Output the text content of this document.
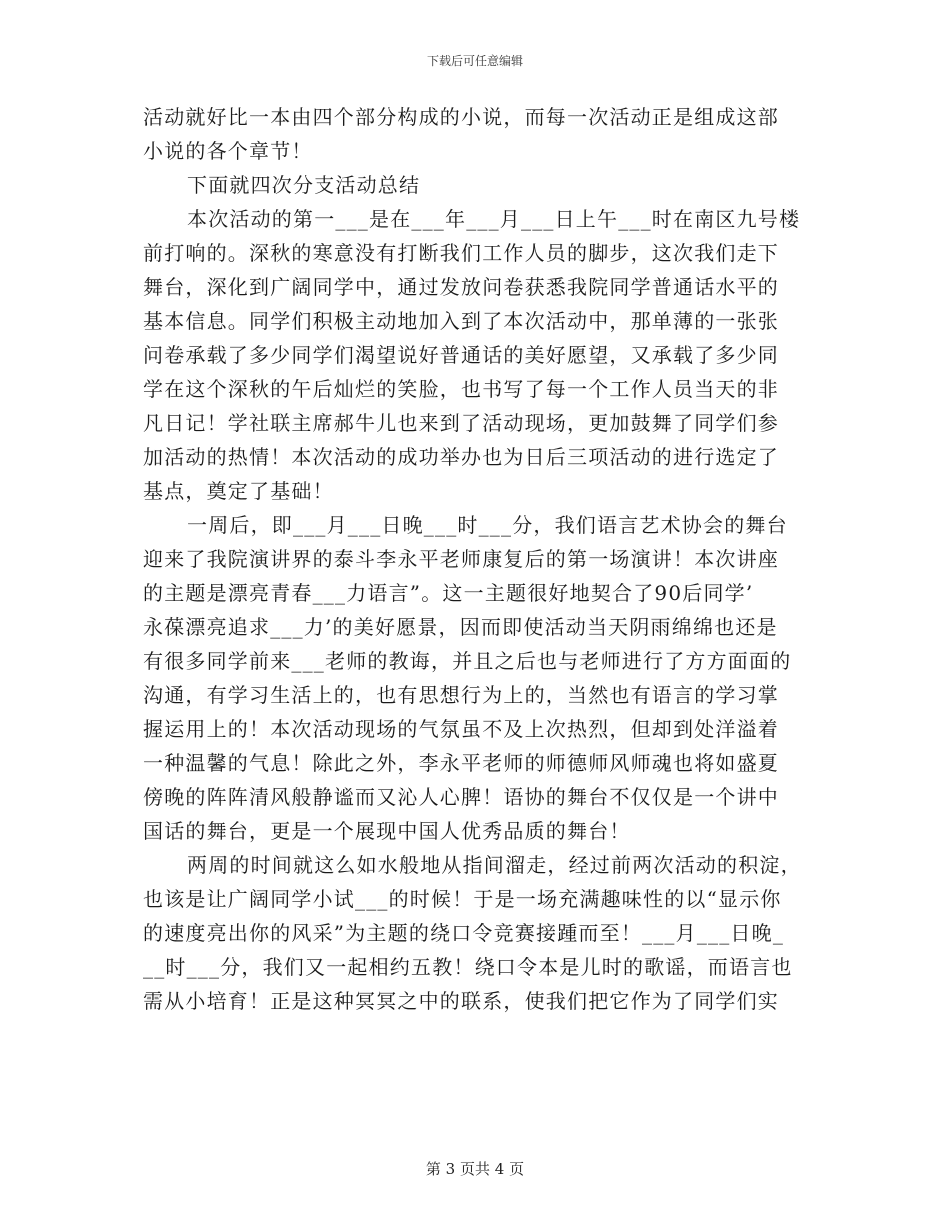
下载后可任意编辑

活动就好比一本由四个部分构成的小说，而每一次活动正是组成这部
小说的各个章节！

下面就四次分支活动总结

本次活动的第一___是在___年___月___日上午___时在南区九号楼
前打响的。深秋的寒意没有打断我们工作人员的脚步，这次我们走下
舞台，深化到广阔同学中，通过发放问卷获悉我院同学普通话水平的
基本信息。同学们积极主动地加入到了本次活动中，那单薄的一张张
问卷承载了多少同学们渴望说好普通话的美好愿望，又承载了多少同
学在这个深秋的午后灿烂的笑脸，也书写了每一个工作人员当天的非
凡日记！学社联主席郝牛儿也来到了活动现场，更加鼓舞了同学们参
加活动的热情！本次活动的成功举办也为日后三项活动的进行选定了
基点，奠定了基础！

一周后，即___月___日晚___时___分，我们语言艺术协会的舞台
迎来了我院演讲界的泰斗李永平老师康复后的第一场演讲！本次讲座
的主题是漂亮青春___力语言”。这一主题很好地契合了90后同学’
永葆漂亮追求___力’的美好愿景，因而即使活动当天阴雨绵绵也还是
有很多同学前来___老师的教诲，并且之后也与老师进行了方方面面的
沟通，有学习生活上的，也有思想行为上的，当然也有语言的学习掌
握运用上的！本次活动现场的气氛虽不及上次热烈，但却到处洋溢着
一种温馨的气息！除此之外，李永平老师的师德师风师魂也将如盛夏
傍晚的阵阵清风般静谧而又沁人心脾！语协的舞台不仅仅是一个讲中
国话的舞台，更是一个展现中国人优秀品质的舞台！

两周的时间就这么如水般地从指间溜走，经过前两次活动的积淀，
也该是让广阔同学小试___的时候！于是一场充满趣味性的以“显示你
的速度亮出你的风采”为主题的绕口令竞赛接踵而至！___月___日晚_
__时___分，我们又一起相约五教！绕口令本是儿时的歌谣，而语言也
需从小培育！正是这种冥冥之中的联系，使我们把它作为了同学们实

第 3 页共 4 页
